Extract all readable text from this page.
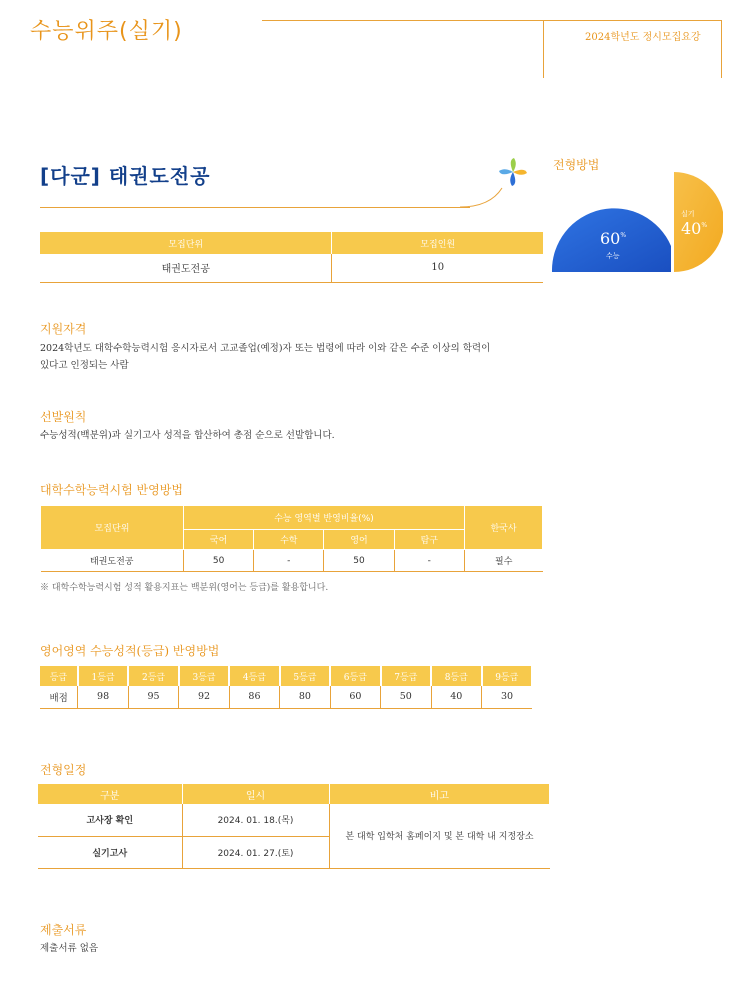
수능위주(실기)	2024학년도 정시모집요강
[다군] 태권도전공	전형방법
60%
수능
실기
40%
모집단위	모집인원
태권도전공	10
지원자격
2024학년도 대학수학능력시험 응시자로서 고교졸업(예정)자 또는 법령에 따라 이와 같은 수준 이상의 학력이
있다고 인정되는 사람
선발원칙
수능성적(백분위)과 실기고사 성적을 합산하여 총점 순으로 선발합니다.
대학수학능력시험 반영방법
모집단위	수능 영역별 반영비율(%)				한국사
	국어	수학	영어	탐구	
태권도전공	50	-	50	-	필수
※ 대학수학능력시험 성적 활용지표는 백분위(영어는 등급)를 활용합니다.
영어영역 수능성적(등급) 반영방법
등급	1등급	2등급	3등급	4등급	5등급	6등급	7등급	8등급	9등급
배점	98	95	92	86	80	60	50	40	30
전형일정
구분	일시	비고
고사장 확인	2024. 01. 18.(목)	본 대학 입학처 홈페이지 및 본 대학 내 지정장소
실기고사	2024. 01. 27.(토)	
제출서류
제출서류 없음
